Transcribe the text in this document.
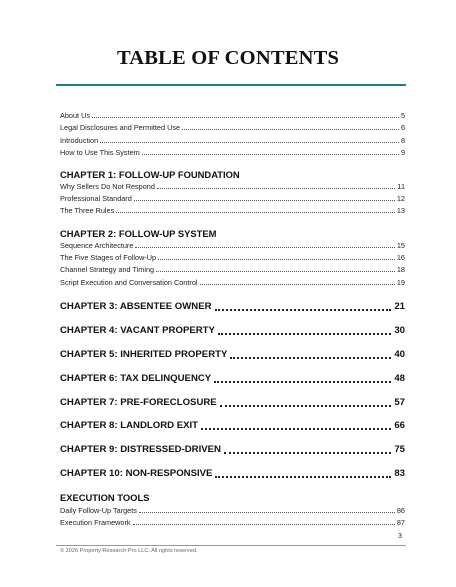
TABLE OF CONTENTS
About Us	5
Legal Disclosures and Permitted Use	6
Introduction	8
How to Use This System	9
CHAPTER 1: FOLLOW-UP FOUNDATION
Why Sellers Do Not Respond	11
Professional Standard	12
The Three Rules	13
CHAPTER 2: FOLLOW-UP SYSTEM
Sequence Architecture	15
The Five Stages of Follow-Up	16
Channel Strategy and Timing	18
Script Execution and Conversation Control	19
CHAPTER 3: ABSENTEE OWNER	21
CHAPTER 4: VACANT PROPERTY	30
CHAPTER 5: INHERITED PROPERTY	40
CHAPTER 6: TAX DELINQUENCY	48
CHAPTER 7: PRE-FORECLOSURE	57
CHAPTER 8: LANDLORD EXIT	66
CHAPTER 9: DISTRESSED-DRIVEN	75
CHAPTER 10: NON-RESPONSIVE	83
EXECUTION TOOLS
Daily Follow-Up Targets	86
Execution Framework	87
3
© 2026 Property Research Pro LLC. All rights reserved.
